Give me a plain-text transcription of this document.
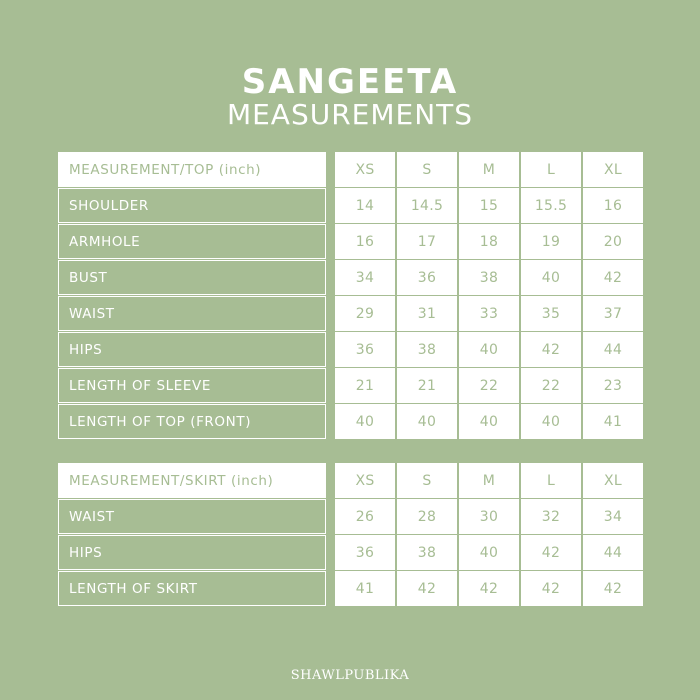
SANGEETA
MEASUREMENTS
MEASUREMENT/TOP (inch)	XS	S	M	L	XL
SHOULDER	14	14.5	15	15.5	16
ARMHOLE	16	17	18	19	20
BUST	34	36	38	40	42
WAIST	29	31	33	35	37
HIPS	36	38	40	42	44
LENGTH OF SLEEVE	21	21	22	22	23
LENGTH OF TOP (FRONT)	40	40	40	40	41
MEASUREMENT/SKIRT (inch)	XS	S	M	L	XL
WAIST	26	28	30	32	34
HIPS	36	38	40	42	44
LENGTH OF SKIRT	41	42	42	42	42
SHAWLPUBLIKA
